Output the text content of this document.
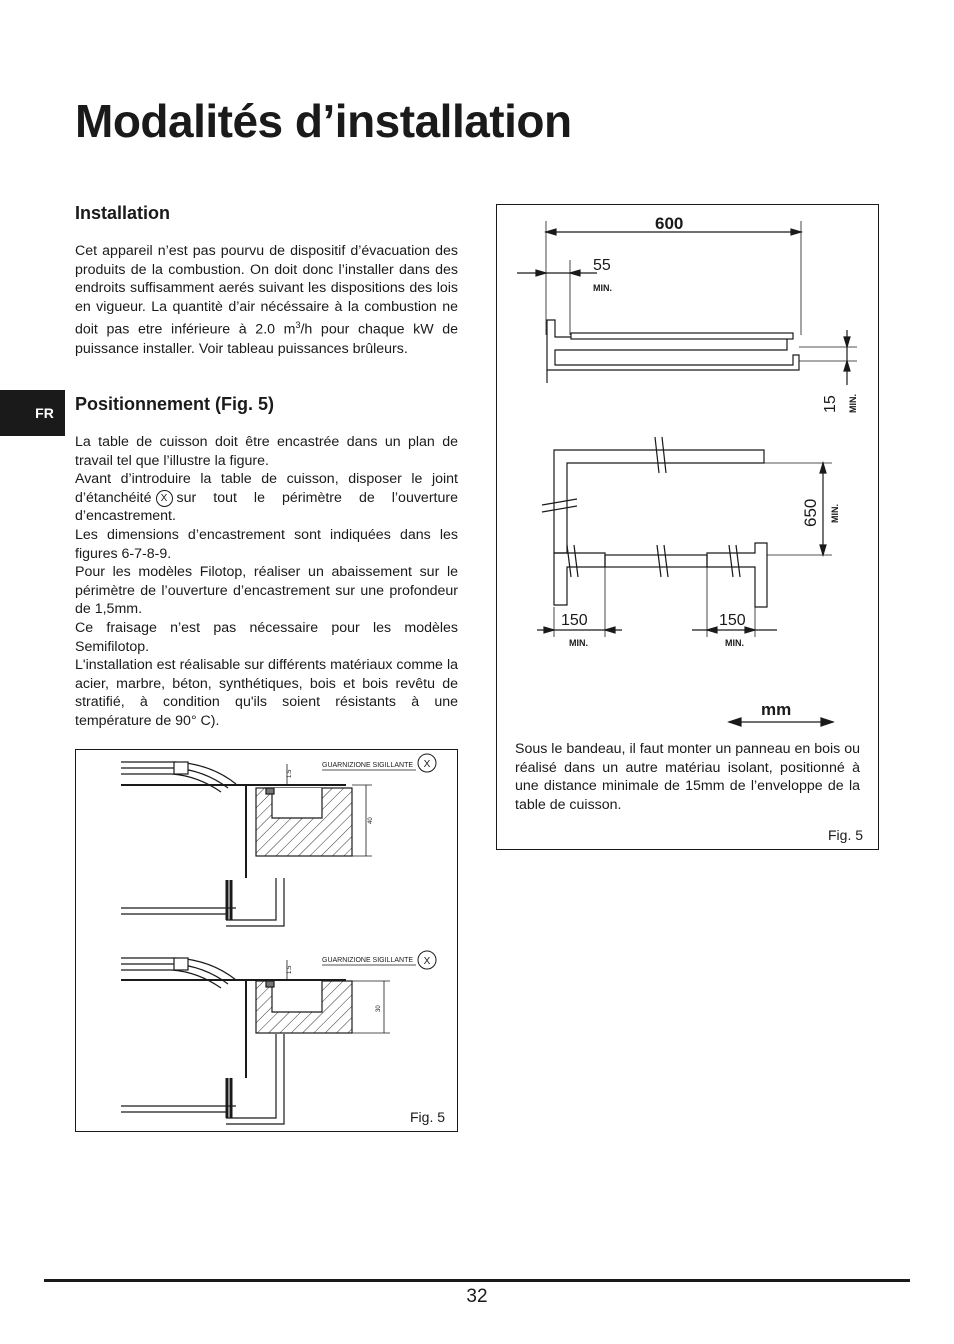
Modalités d’installation
FR
Installation

Cet appareil n’est pas pourvu de dispositif d’évacuation des produits de la combustion. On doit donc l’installer dans des endroits suffisamment aerés suivant les dispositions des lois en vigueur. La quantitè d’air nécéssaire à la combustion ne doit pas etre inférieure à 2.0 $m^3/h$ pour chaque kW de puissance installer. Voir tableau puissances brûleurs.

Positionnement (Fig. 5)
La table de cuisson doit être encastrée dans un plan de travail tel que l’illustre la figure.
Avant d’introduire la table de cuisson, disposer le joint d’étanchéité X sur tout le périmètre de l’ouverture d’encastrement.
Les dimensions d’encastrement sont indiquées dans les figures 6-7-8-9.
Pour les modèles Filotop, réaliser un abaissement sur le périmètre de l’ouverture d’encastrement sur une profondeur de 1,5mm.
Ce fraisage n’est pas nécessaire pour les modèles Semifilotop.
L'installation est réalisable sur différents matériaux comme la acier, marbre, béton, synthétiques, bois et bois revêtu de stratifié, à condition qu'ils soient résistants à une température de 90° C).
1.5
40
GUARNIZIONE SIGILLANTE X
1.5
30
GUARNIZIONE SIGILLANTE X
Fig. 5
600
55
MIN.
15 MIN.
650 MIN.
150
MIN.
150
MIN.
mm

Sous le bandeau, il faut monter un panneau en bois ou réalisé dans un autre matériau isolant, positionné à une distance minimale de 15mm de l’enveloppe de la table de cuisson.

Fig. 5
32
